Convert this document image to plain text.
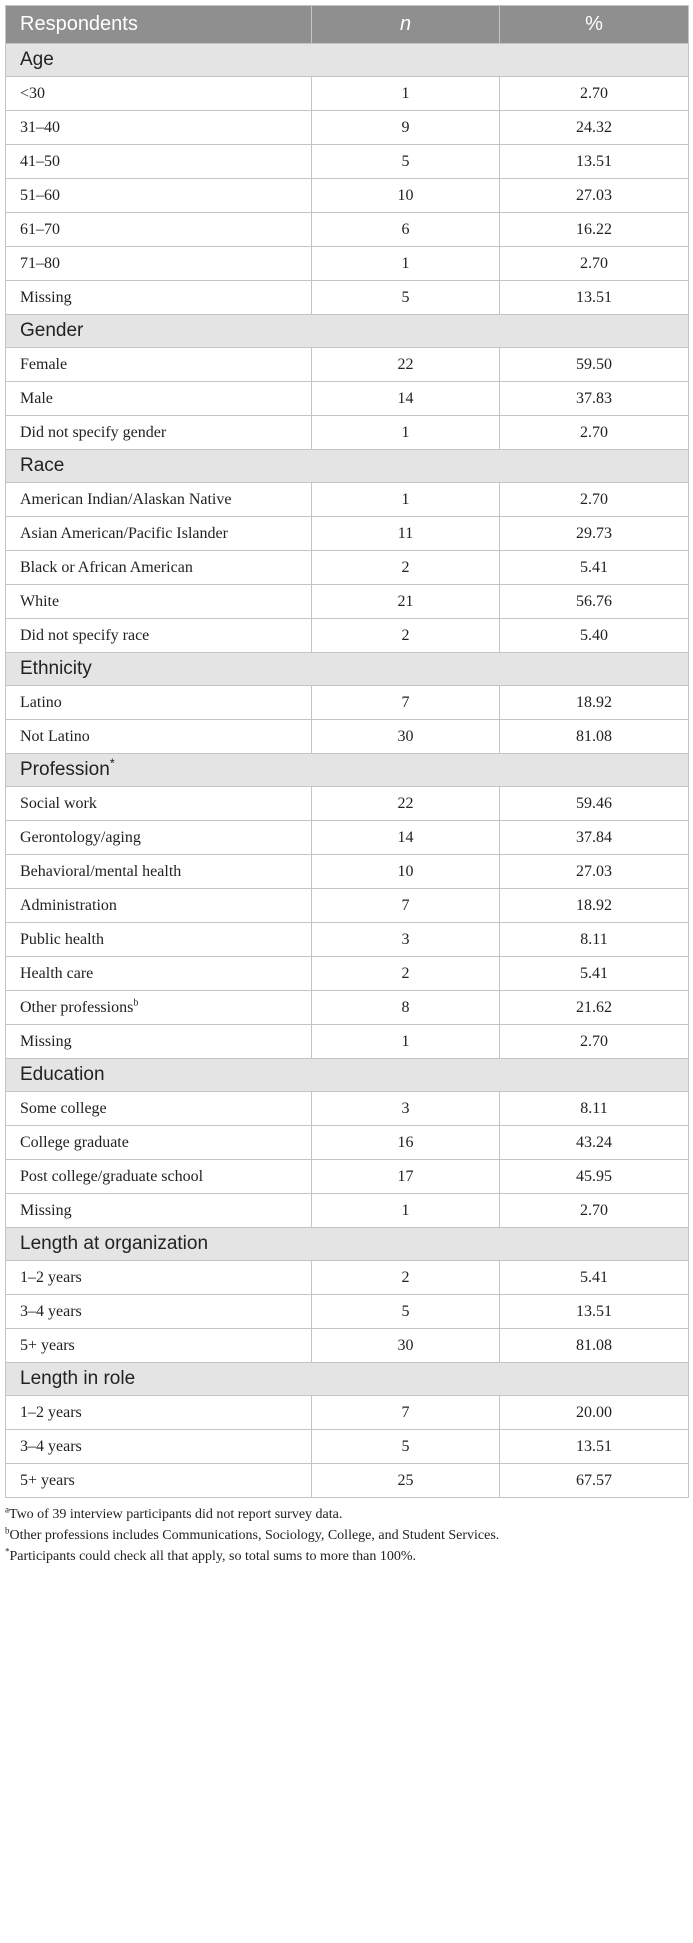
Respondents	n	%
Age		
<30	1	2.70
31–40	9	24.32
41–50	5	13.51
51–60	10	27.03
61–70	6	16.22
71–80	1	2.70
Missing	5	13.51
Gender		
Female	22	59.50
Male	14	37.83
Did not specify gender	1	2.70
Race		
American Indian/Alaskan Native	1	2.70
Asian American/Pacific Islander	11	29.73
Black or African American	2	5.41
White	21	56.76
Did not specify race	2	5.40
Ethnicity		
Latino	7	18.92
Not Latino	30	81.08
Profession*
Social work	22	59.46
Gerontology/aging	14	37.84
Behavioral/mental health	10	27.03
Administration	7	18.92
Public health	3	8.11
Health care	2	5.41
Other professions$^b$	8	21.62
Missing	1	2.70
Education		
Some college	3	8.11
College graduate	16	43.24
Post college/graduate school	17	45.95
Missing	1	2.70
Length at organization		
1–2 years	2	5.41
3–4 years	5	13.51
5+ years	30	81.08
Length in role		
1–2 years	7	20.00
3–4 years	5	13.51
5+ years	25	67.57
$^a$Two of 39 interview participants did not report survey data.
$^b$Other professions includes Communications, Sociology, College, and Student Services.
*Participants could check all that apply, so total sums to more than 100%.
